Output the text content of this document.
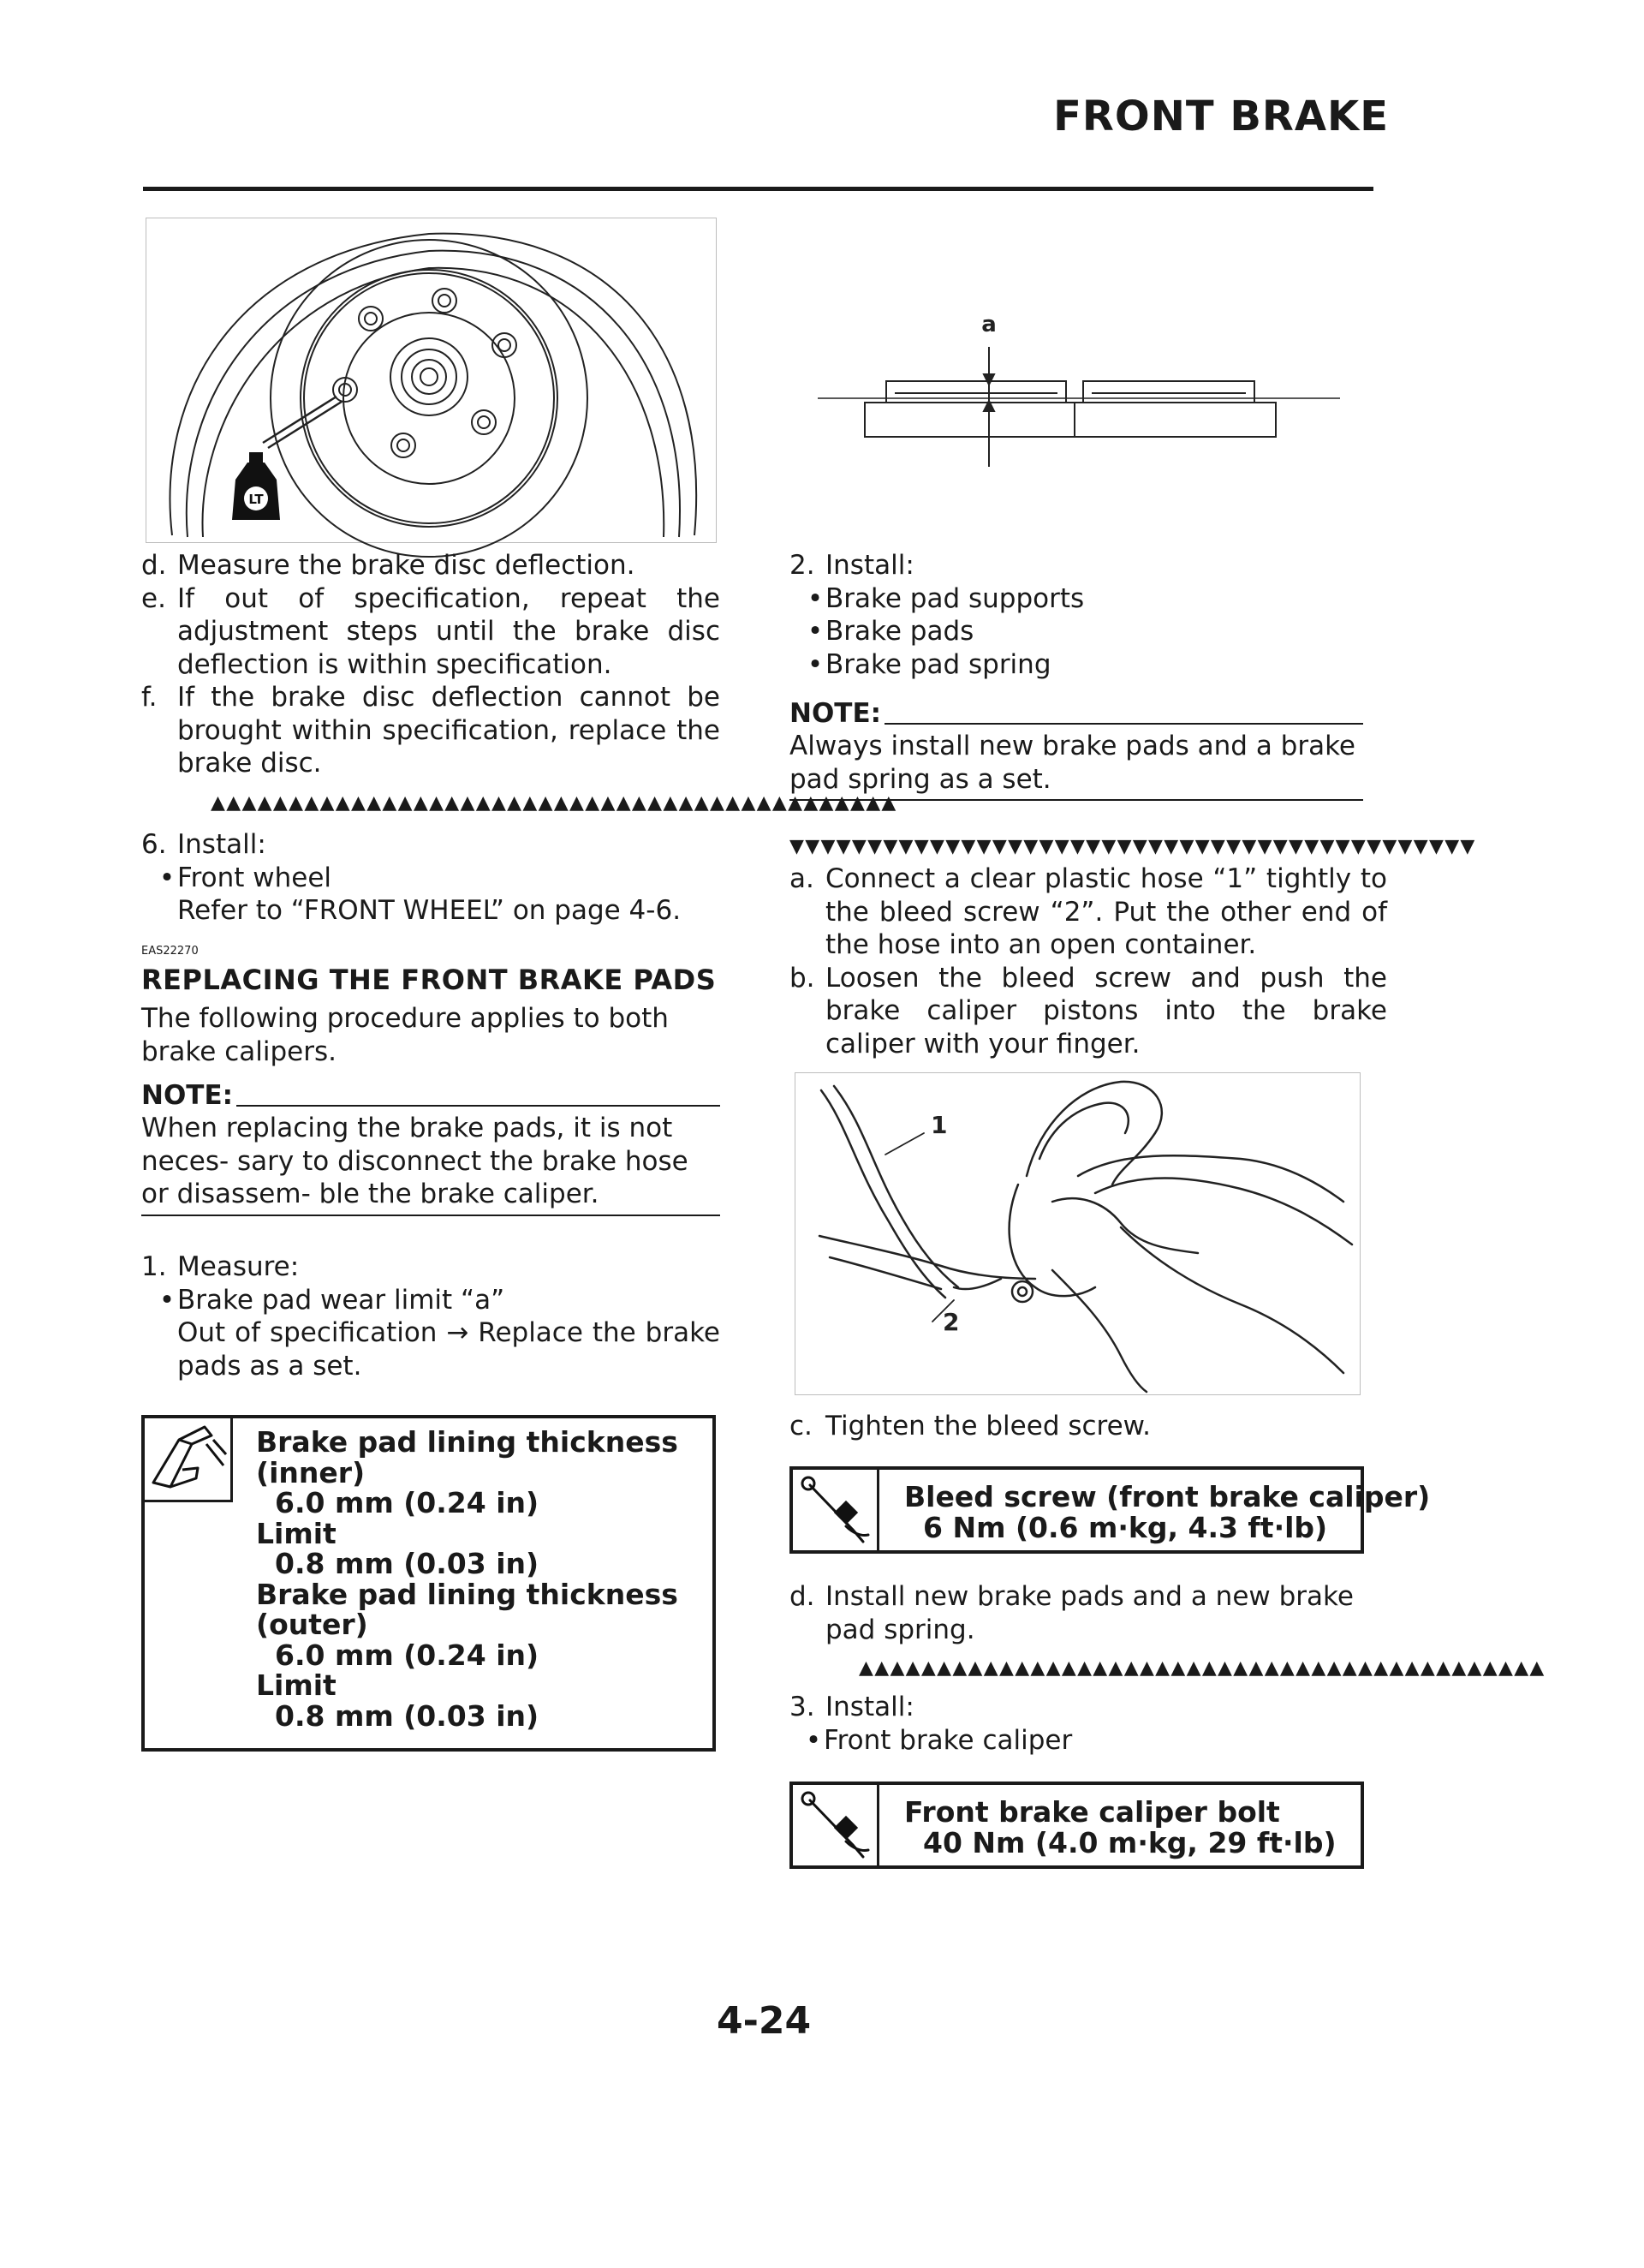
FRONT BRAKE
LT
a
d. Measure the brake disc deflection.
e. If out of specification, repeat the adjustment steps until the brake disc deflection is within specification.
f. If the brake disc deflection cannot be brought within specification, replace the brake disc.
▲▲▲▲▲▲▲▲▲▲▲▲▲▲▲▲▲▲▲▲▲▲▲▲▲▲▲▲▲▲▲▲▲▲▲▲▲▲▲▲▲▲▲▲
6. Install:
• Front wheel
Refer to “FRONT WHEEL” on page 4-6.
EAS22270
REPLACING THE FRONT BRAKE PADS
The following procedure applies to both brake calipers.
NOTE:
When replacing the brake pads, it is not neces- sary to disconnect the brake hose or disassem- ble the brake caliper.
1. Measure:
• Brake pad wear limit “a”
Out of specification → Replace the brake pads as a set.
Brake pad lining thickness
(inner)
6.0 mm (0.24 in)
Limit
0.8 mm (0.03 in)
Brake pad lining thickness
(outer)
6.0 mm (0.24 in)
Limit
0.8 mm (0.03 in)
2. Install:
• Brake pad supports
• Brake pads
• Brake pad spring
NOTE:
Always install new brake pads and a brake pad spring as a set.
▼▼▼▼▼▼▼▼▼▼▼▼▼▼▼▼▼▼▼▼▼▼▼▼▼▼▼▼▼▼▼▼▼▼▼▼▼▼▼▼▼▼▼▼
a. Connect a clear plastic hose “1” tightly to the bleed screw “2”. Put the other end of the hose into an open container.
b. Loosen the bleed screw and push the brake caliper pistons into the brake caliper with your finger.
1
2
c. Tighten the bleed screw.
Bleed screw (front brake caliper)
6 Nm (0.6 m·kg, 4.3 ft·lb)
d. Install new brake pads and a new brake pad spring.
▲▲▲▲▲▲▲▲▲▲▲▲▲▲▲▲▲▲▲▲▲▲▲▲▲▲▲▲▲▲▲▲▲▲▲▲▲▲▲▲▲▲▲▲
3. Install:
• Front brake caliper
Front brake caliper bolt
40 Nm (4.0 m·kg, 29 ft·lb)
4-24
